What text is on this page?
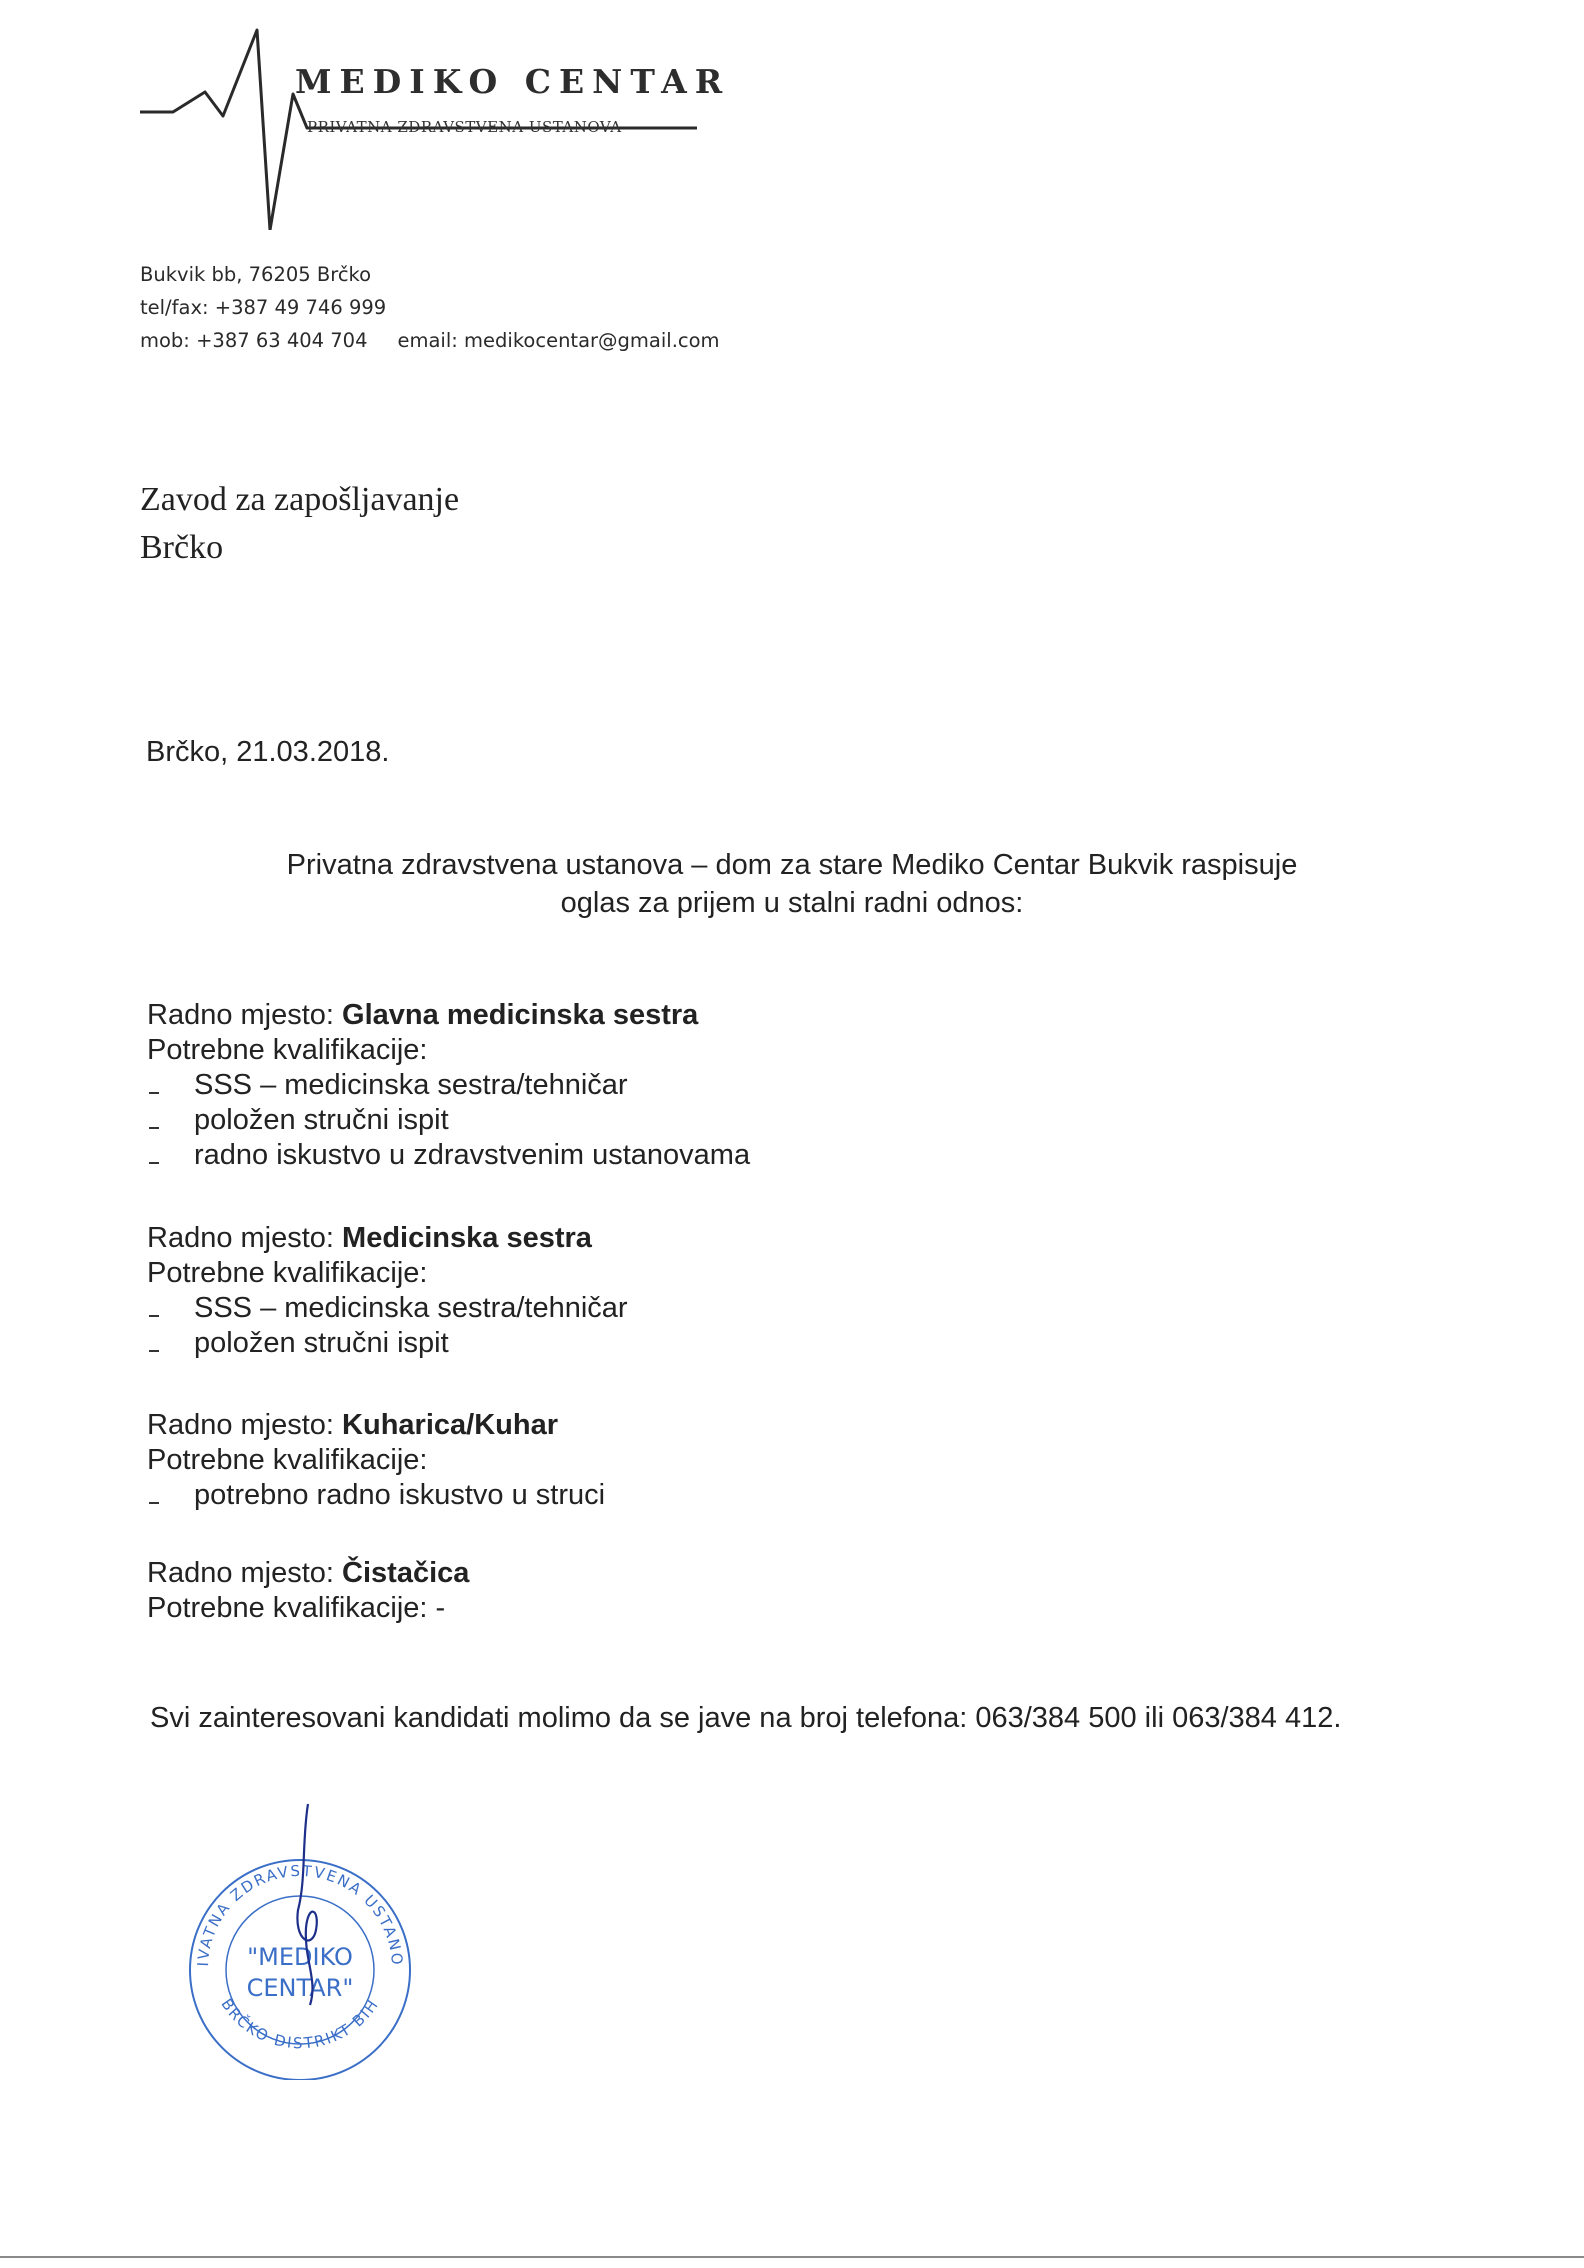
MEDIKO CENTAR
PRIVATNA ZDRAVSTVENA USTANOVA
Bukvik bb, 76205 Brčko
tel/fax: +387 49 746 999
mob: +387 63 404 704 email: medikocentar@gmail.com
Zavod za zapošljavanje
Brčko
Brčko, 21.03.2018.
Privatna zdravstvena ustanova – dom za stare Mediko Centar Bukvik raspisuje
oglas za prijem u stalni radni odnos:
Radno mjesto: Glavna medicinska sestra
Potrebne kvalifikacije:
SSS – medicinska sestra/tehničar
položen stručni ispit
radno iskustvo u zdravstvenim ustanovama
Radno mjesto: Medicinska sestra
Potrebne kvalifikacije:
SSS – medicinska sestra/tehničar
položen stručni ispit
Radno mjesto: Kuharica/Kuhar
Potrebne kvalifikacije:
potrebno radno iskustvo u struci
Radno mjesto: Čistačica
Potrebne kvalifikacije: -
Svi zainteresovani kandidati molimo da se jave na broj telefona: 063/384 500 ili 063/384 412.
IVATNA ZDRAVSTVENA USTANO
BRČKO DISTRIKT BIH
"MEDIKO
CENTAR"
